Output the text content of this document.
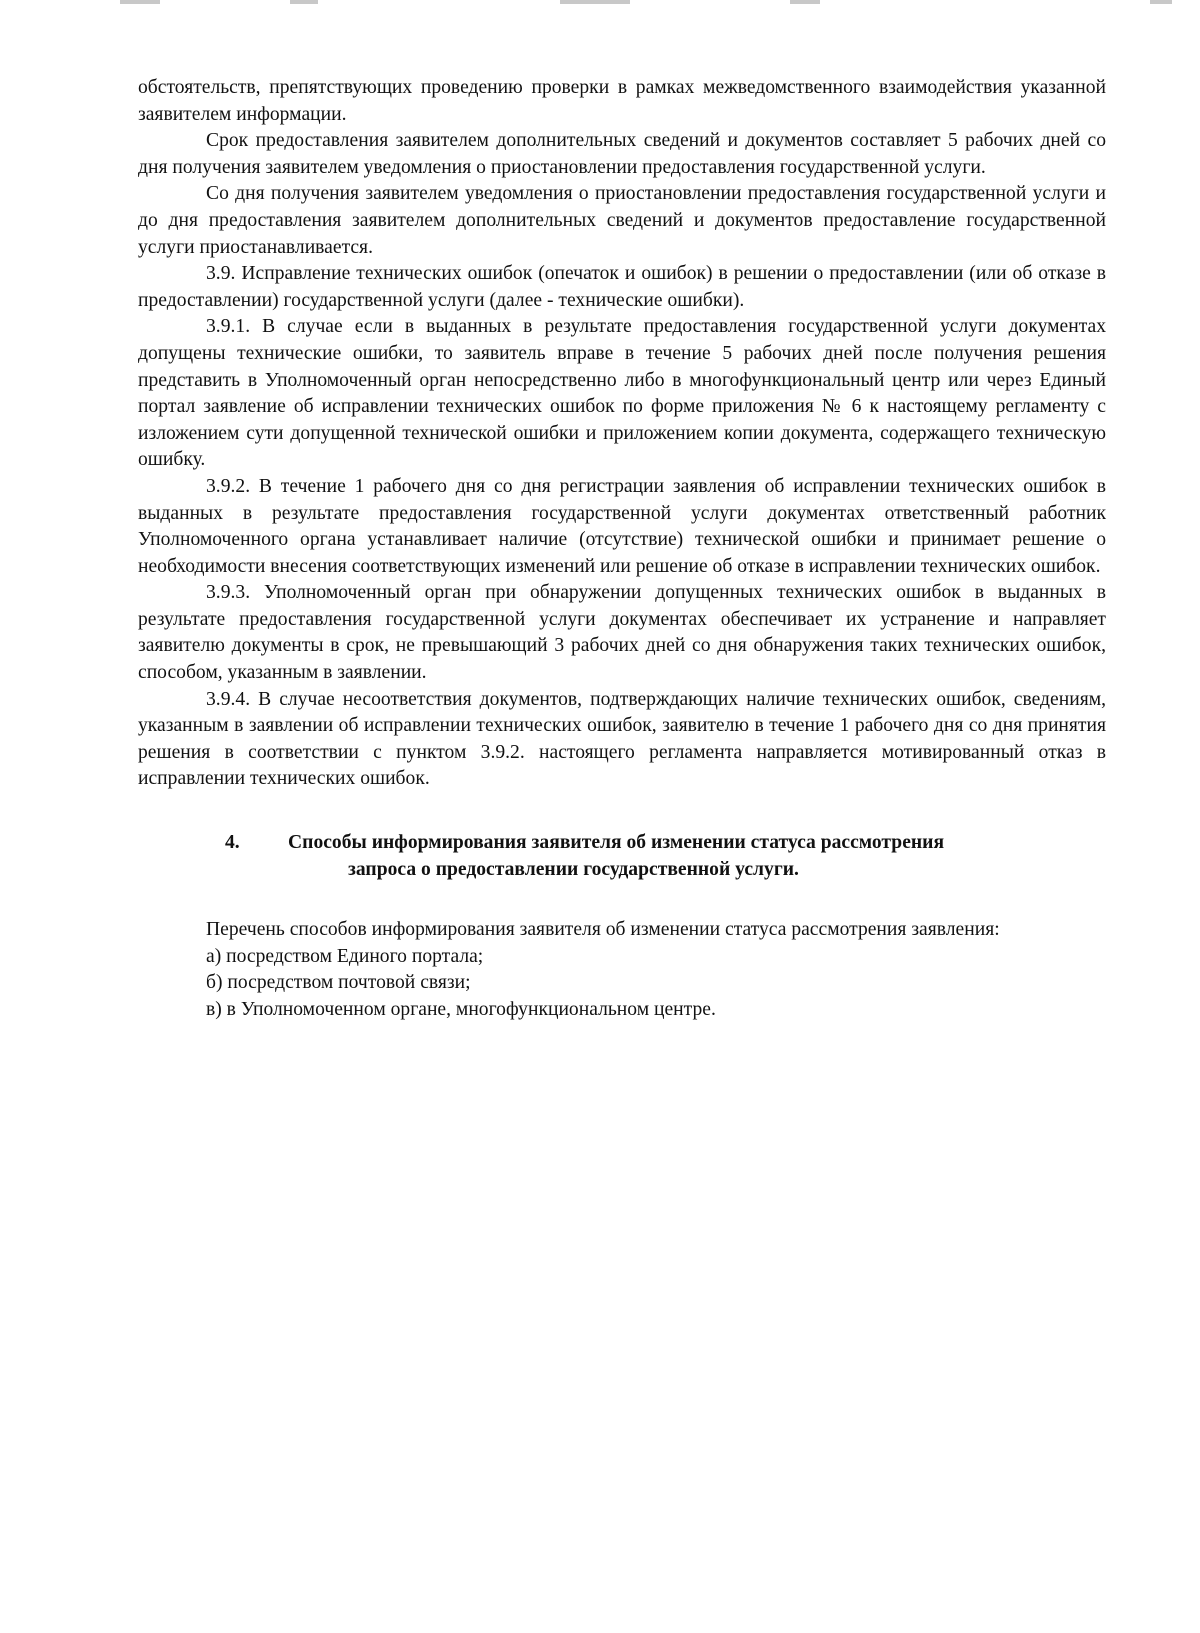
обстоятельств, препятствующих проведению проверки в рамках межведомственного взаимодействия указанной заявителем информации.

Срок предоставления заявителем дополнительных сведений и документов составляет 5 рабочих дней со дня получения заявителем уведомления о приостановлении предоставления государственной услуги.

Со дня получения заявителем уведомления о приостановлении предоставления государственной услуги и до дня предоставления заявителем дополнительных сведений и документов предоставление государственной услуги приостанавливается.

3.9. Исправление технических ошибок (опечаток и ошибок) в решении о предоставлении (или об отказе в предоставлении) государственной услуги (далее - технические ошибки).

3.9.1. В случае если в выданных в результате предоставления государственной услуги документах допущены технические ошибки, то заявитель вправе в течение 5 рабочих дней после получения решения представить в Уполномоченный орган непосредственно либо в многофункциональный центр или через Единый портал заявление об исправлении технических ошибок по форме приложения № 6 к настоящему регламенту с изложением сути допущенной технической ошибки и приложением копии документа, содержащего техническую ошибку.

3.9.2. В течение 1 рабочего дня со дня регистрации заявления об исправлении технических ошибок в выданных в результате предоставления государственной услуги документах ответственный работник Уполномоченного органа устанавливает наличие (отсутствие) технической ошибки и принимает решение о необходимости внесения соответствующих изменений или решение об отказе в исправлении технических ошибок.

3.9.3. Уполномоченный орган при обнаружении допущенных технических ошибок в выданных в результате предоставления государственной услуги документах обеспечивает их устранение и направляет заявителю документы в срок, не превышающий 3 рабочих дней со дня обнаружения таких технических ошибок, способом, указанным в заявлении.

3.9.4. В случае несоответствия документов, подтверждающих наличие технических ошибок, сведениям, указанным в заявлении об исправлении технических ошибок, заявителю в течение 1 рабочего дня со дня принятия решения в соответствии с пунктом 3.9.2. настоящего регламента направляется мотивированный отказ в исправлении технических ошибок.

4.	Способы информирования заявителя об изменении статуса рассмотрения
запроса о предоставлении государственной услуги.

Перечень способов информирования заявителя об изменении статуса рассмотрения заявления:

а) посредством Единого портала;

б) посредством почтовой связи;

в) в Уполномоченном органе, многофункциональном центре.
